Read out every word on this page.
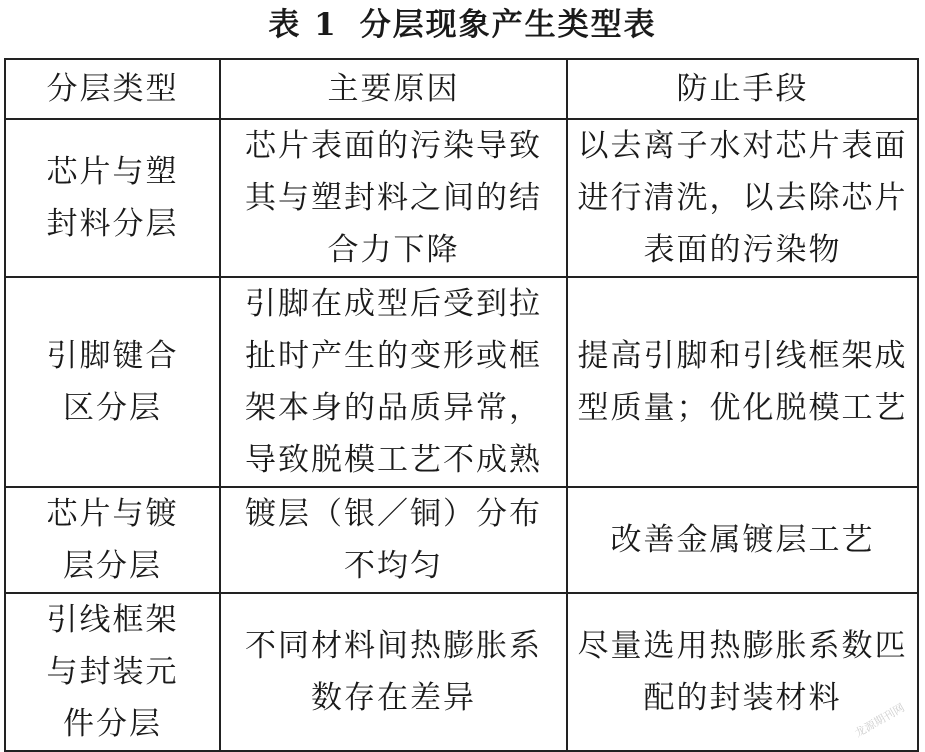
表 1 分层现象产生类型表
分层类型	主要原因	防止手段
芯片与塑封料分层	芯片表面的污染导致其与塑封料之间的结合力下降	以去离子水对芯片表面进行清洗，以去除芯片表面的污染物
引脚键合区分层	引脚在成型后受到拉扯时产生的变形或框架本身的品质异常，导致脱模工艺不成熟	提高引脚和引线框架成型质量；优化脱模工艺
芯片与镀层分层	镀层（银／铜）分布不均匀	改善金属镀层工艺
引线框架与封装元件分层	不同材料间热膨胀系数存在差异	尽量选用热膨胀系数匹配的封装材料
龙源期刊网
